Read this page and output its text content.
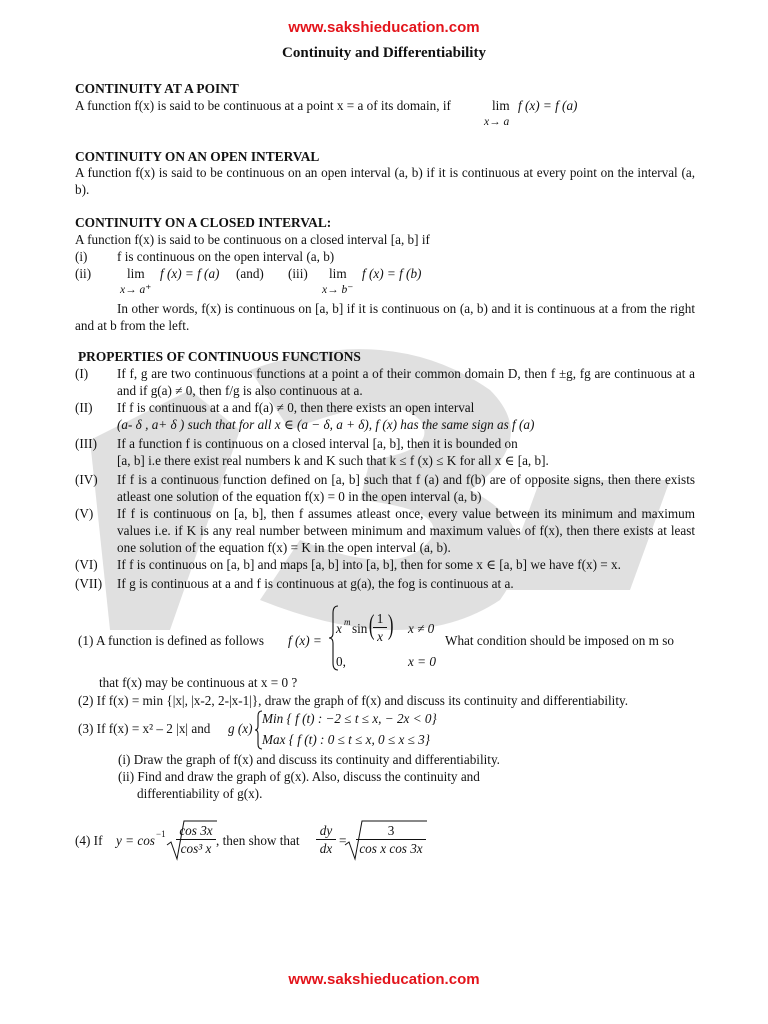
www.sakshieducation.com
Continuity and Differentiability
CONTINUITY AT A POINT
A function f(x) is said to be continuous at a point x = a of its domain, if	lim f (x) = f (a)
x→ a
CONTINUITY ON AN OPEN INTERVAL
A function f(x) is said to be continuous on an open interval (a, b) if it is continuous at every point on the interval (a, b).
CONTINUITY ON A CLOSED INTERVAL:
A function f(x) is said to be continuous on a closed interval [a, b] if
(i) f is continuous on the open interval (a, b)
(ii)	lim f (x) = f (a)
x→ a⁺
(and) (iii) lim f (x) = f (b)
x→ b⁻
In other words, f(x) is continuous on [a, b] if it is continuous on (a, b) and it is continuous at a from the right and at b from the left.
PROPERTIES OF CONTINUOUS FUNCTIONS
(I)	If f, g are two continuous functions at a point a of their common domain D, then f ±g, fg are continuous at a and if g(a) ≠ 0, then f/g is also continuous at a.
(II)	If f is continuous at a and f(a) ≠ 0, then there exists an open interval
(a- δ , a+ δ ) such that for all x ∈ (a − δ, a + δ), f (x) has the same sign as f (a)
(III)	If a function f is continuous on a closed interval [a, b], then it is bounded on
[a, b] i.e there exist real numbers k and K such that k ≤ f (x) ≤ K for all x ∈ [a, b].
(IV)	If f is a continuous function defined on [a, b] such that f (a) and f(b) are of opposite signs, then there exists atleast one solution of the equation f(x) = 0 in the open interval (a, b)
(V)	If f is continuous on [a, b], then f assumes atleast once, every value between its minimum and maximum values i.e. if K is any real number between minimum and maximum values of f(x), then there exists at least one solution of the equation f(x) = K in the open interval (a, b).
(VI)	If f is continuous on [a, b] and maps [a, b] into [a, b], then for some x ∈ [a, b] we have f(x) = x.
(VII)	If g is continuous at a and f is continuous at g(a), the fog is continuous at a.
(1) A function is defined as follows f (x) =
x m $\sin \frac{1}{x}$
( ) x ≠ 0
0,	x = 0
What condition should be imposed on m so
that f(x) may be continuous at x = 0 ?
(2) If f(x) = min {|x|, |x-2, 2-|x-1|}, draw the graph of f(x) and discuss its continuity and differentiability.
(3) If f(x) = x² – 2 |x| and g (x)
Min { f (t) : −2 ≤ t ≤ x, − 2x < 0}
Max { f (t) : 0 ≤ t ≤ x, 0 ≤ x ≤ 3}
(i) Draw the graph of f(x) and discuss its continuity and differentiability.
(ii) Find and draw the graph of g(x). Also, discuss the continuity and
differentiability of g(x).
(4) If y = cos −1 cos 3x
cos³ x
, then show that
dy
dx
=
3
cos x cos 3x
www.sakshieducation.com
